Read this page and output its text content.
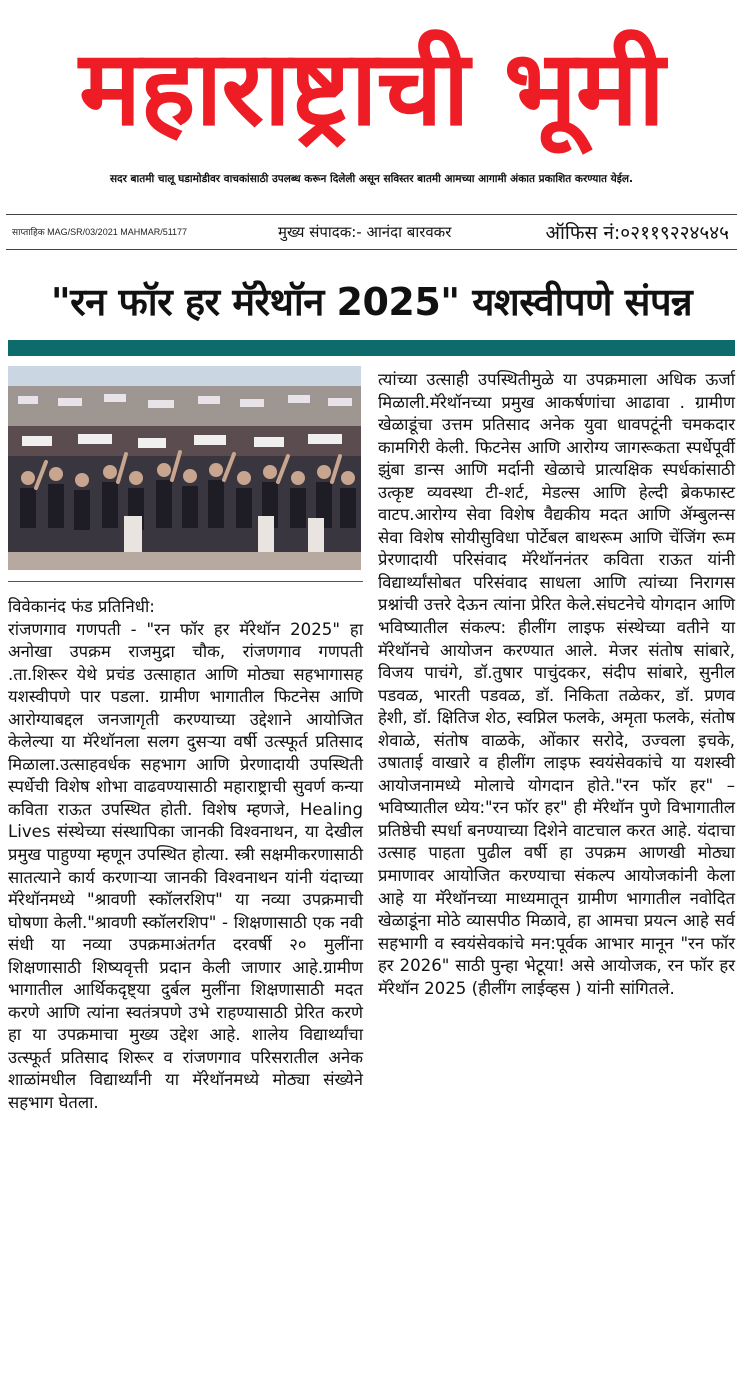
महाराष्ट्राची भूमी
सदर बातमी चालू घडामोडीवर वाचकांसाठी उपलब्ध करून दिलेली असून सविस्तर बातमी आमच्या आगामी अंकात प्रकाशित करण्यात येईल.
साप्ताहिक MAG/SR/03/2021 MAHMAR/51177	मुख्य संपादक:- आनंदा बारवकर	ऑफिस नं:०२११९२२४५४५
"रन फॉर हर मॅरेथॉन 2025" यशस्वीपणे संपन्न
विवेकानंद फंड प्रतिनिधी:

रांजणगाव गणपती - "रन फॉर हर मॅरेथॉन 2025" हा अनोखा उपक्रम राजमुद्रा चौक, रांजणगाव गणपती .ता.शिरूर येथे प्रचंड उत्साहात आणि मोठ्या सहभागासह यशस्वीपणे पार पडला. ग्रामीण भागातील फिटनेस आणि आरोग्याबद्दल जनजागृती करण्याच्या उद्देशाने आयोजित केलेल्या या मॅरेथॉनला सलग दुसऱ्या वर्षी उत्स्फूर्त प्रतिसाद मिळाला.उत्साहवर्धक सहभाग आणि प्रेरणादायी उपस्थिती स्पर्धेची विशेष शोभा वाढवण्यासाठी महाराष्ट्राची सुवर्ण कन्या कविता राऊत उपस्थित होती. विशेष म्हणजे, Healing Lives संस्थेच्या संस्थापिका जानकी विश्वनाथन, या देखील प्रमुख पाहुण्या म्हणून उपस्थित होत्या. स्त्री सक्षमीकरणासाठी सातत्याने कार्य करणाऱ्या जानकी विश्वनाथन यांनी यंदाच्या मॅरेथॉनमध्ये "श्रावणी स्कॉलरशिप" या नव्या उपक्रमाची घोषणा केली."श्रावणी स्कॉलरशिप" - शिक्षणासाठी एक नवी संधी या नव्या उपक्रमाअंतर्गत दरवर्षी २० मुलींना शिक्षणासाठी शिष्यवृत्ती प्रदान केली जाणार आहे.ग्रामीण भागातील आर्थिकदृष्ट्या दुर्बल मुलींना शिक्षणासाठी मदत करणे आणि त्यांना स्वतंत्रपणे उभे राहण्यासाठी प्रेरित करणे हा या उपक्रमाचा मुख्य उद्देश आहे. शालेय विद्यार्थ्यांचा उत्स्फूर्त प्रतिसाद शिरूर व रांजणगाव परिसरातील अनेक शाळांमधील विद्यार्थ्यांनी या मॅरेथॉनमध्ये मोठ्या संख्येने सहभाग घेतला.

त्यांच्या उत्साही उपस्थितीमुळे या उपक्रमाला अधिक ऊर्जा मिळाली.मॅरेथॉनच्या प्रमुख आकर्षणांचा आढावा . ग्रामीण खेळाडूंचा उत्तम प्रतिसाद अनेक युवा धावपटूंनी चमकदार कामगिरी केली. फिटनेस आणि आरोग्य जागरूकता स्पर्धेपूर्वी झुंबा डान्स आणि मर्दानी खेळाचे प्रात्यक्षिक स्पर्धकांसाठी उत्कृष्ट व्यवस्था टी-शर्ट, मेडल्स आणि हेल्दी ब्रेकफास्ट वाटप.आरोग्य सेवा विशेष वैद्यकीय मदत आणि ॲम्बुलन्स सेवा विशेष सोयीसुविधा पोर्टेबल बाथरूम आणि चेंजिंग रूम प्रेरणादायी परिसंवाद मॅरेथॉननंतर कविता राऊत यांनी विद्यार्थ्यांसोबत परिसंवाद साधला आणि त्यांच्या निरागस प्रश्नांची उत्तरे देऊन त्यांना प्रेरित केले.संघटनेचे योगदान आणि भविष्यातील संकल्प: हीलींग लाइफ संस्थेच्या वतीने या मॅरेथॉनचे आयोजन करण्यात आले. मेजर संतोष सांबारे, विजय पाचंगे, डॉ.तुषार पाचुंदकर, संदीप सांबारे, सुनील पडवळ, भारती पडवळ, डॉ. निकिता तळेकर, डॉ. प्रणव हेशी, डॉ. क्षितिज शेठ, स्वप्निल फलके, अमृता फलके, संतोष शेवाळे, संतोष वाळके, ओंकार सरोदे, उज्वला इचके, उषाताई वाखारे व हीलींग लाइफ स्वयंसेवकांचे या यशस्वी आयोजनामध्ये मोलाचे योगदान होते."रन फॉर हर" –भविष्यातील ध्येय:"रन फॉर हर" ही मॅरेथॉन पुणे विभागातील प्रतिष्ठेची स्पर्धा बनण्याच्या दिशेने वाटचाल करत आहे. यंदाचा उत्साह पाहता पुढील वर्षी हा उपक्रम आणखी मोठ्या प्रमाणावर आयोजित करण्याचा संकल्प आयोजकांनी केला आहे या मॅरेथॉनच्या माध्यमातून ग्रामीण भागातील नवोदित खेळाडूंना मोठे व्यासपीठ मिळावे, हा आमचा प्रयत्न आहे सर्व सहभागी व स्वयंसेवकांचे मन:पूर्वक आभार मानून "रन फॉर हर 2026" साठी पुन्हा भेटूया! असे आयोजक, रन फॉर हर मॅरेथॉन 2025 (हीलींग लाईव्हस ) यांनी सांगितले.
